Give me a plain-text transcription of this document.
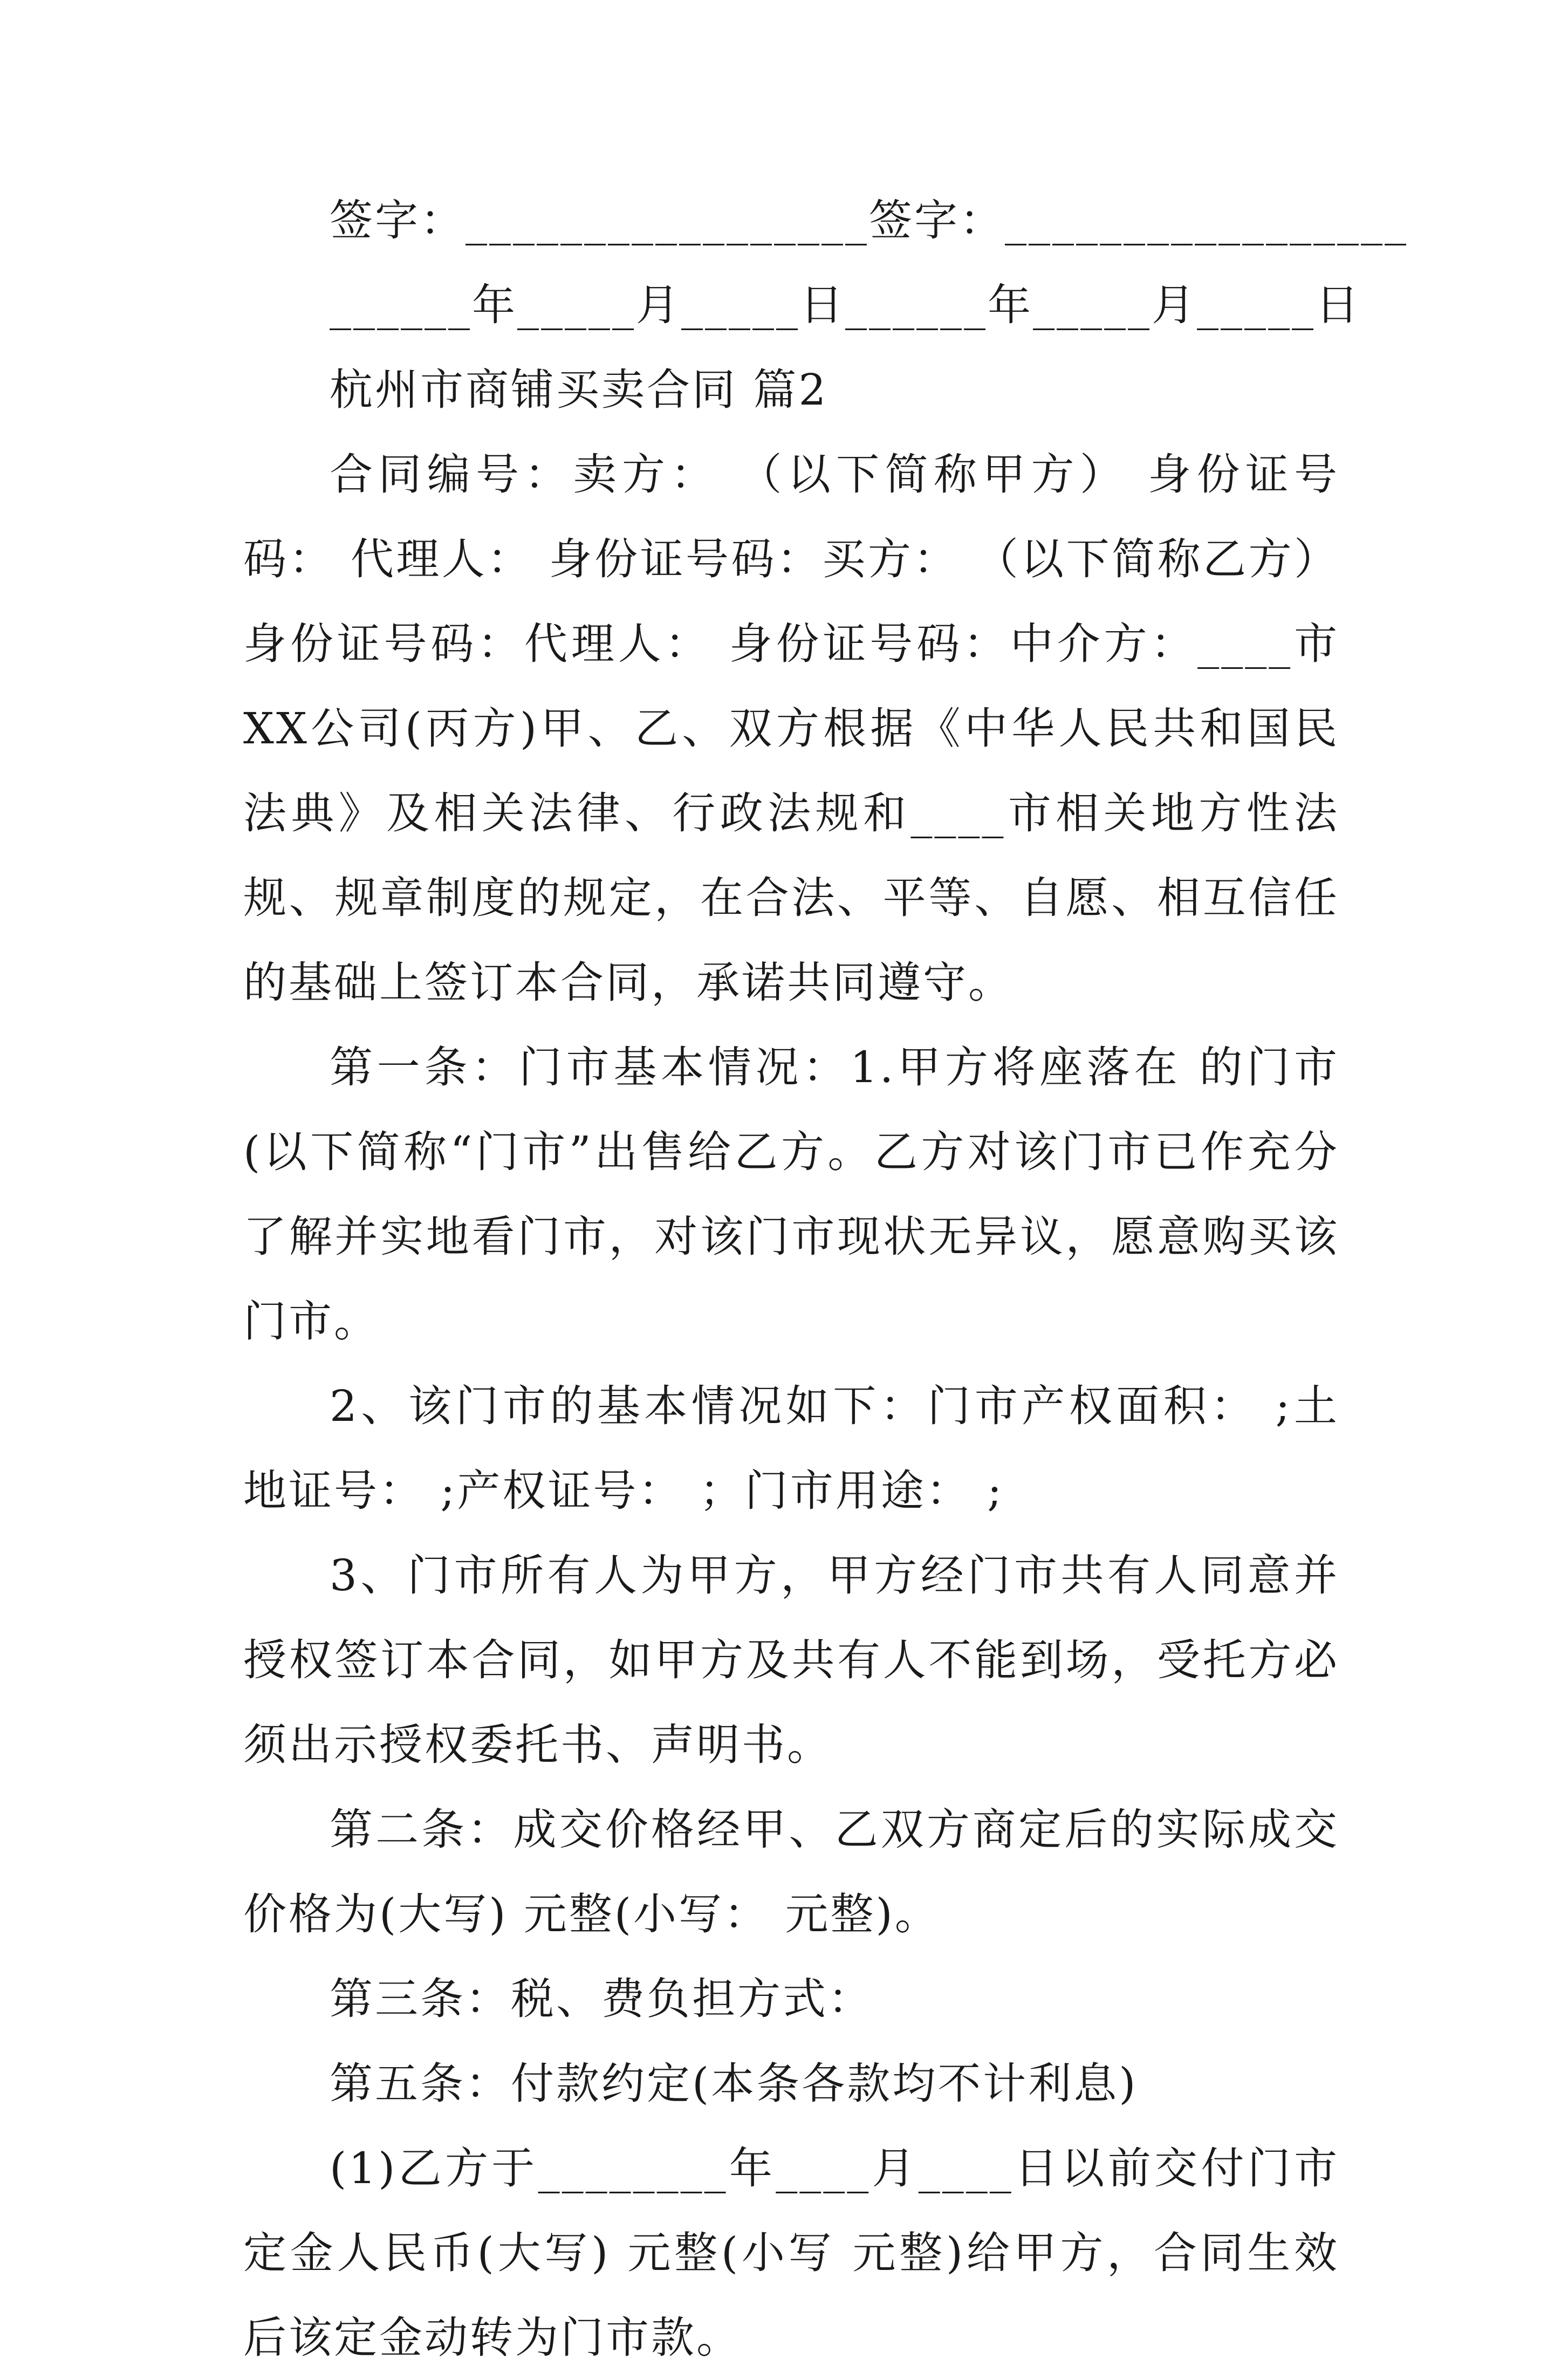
签字：_________________签字：_________________
______年_____月_____日______年_____月_____日
杭州市商铺买卖合同 篇2

合同编号：卖方： （以下简称甲方） 身份证号码： 代理人： 身份证号码：买方： （以下简称乙方） 身份证号码：代理人： 身份证号码：中介方：____市XX公司(丙方)甲、乙、双方根据《中华人民共和国民法典》及相关法律、行政法规和____市相关地方性法规、规章制度的规定，在合法、平等、自愿、相互信任的基础上签订本合同，承诺共同遵守。

第一条：门市基本情况：1.甲方将座落在 的门市(以下简称“门市”出售给乙方。乙方对该门市已作充分了解并实地看门市，对该门市现状无异议，愿意购买该门市。

2、该门市的基本情况如下：门市产权面积： ;土地证号： ;产权证号： ；门市用途： ;

3、门市所有人为甲方，甲方经门市共有人同意并授权签订本合同，如甲方及共有人不能到场，受托方必须出示授权委托书、声明书。

第二条：成交价格经甲、乙双方商定后的实际成交价格为(大写) 元整(小写： 元整)。

第三条：税、费负担方式：

第五条：付款约定(本条各款均不计利息)

(1)乙方于________年____月____日以前交付门市定金人民币(大写) 元整(小写 元整)给甲方，合同生效后该定金动转为门市款。
